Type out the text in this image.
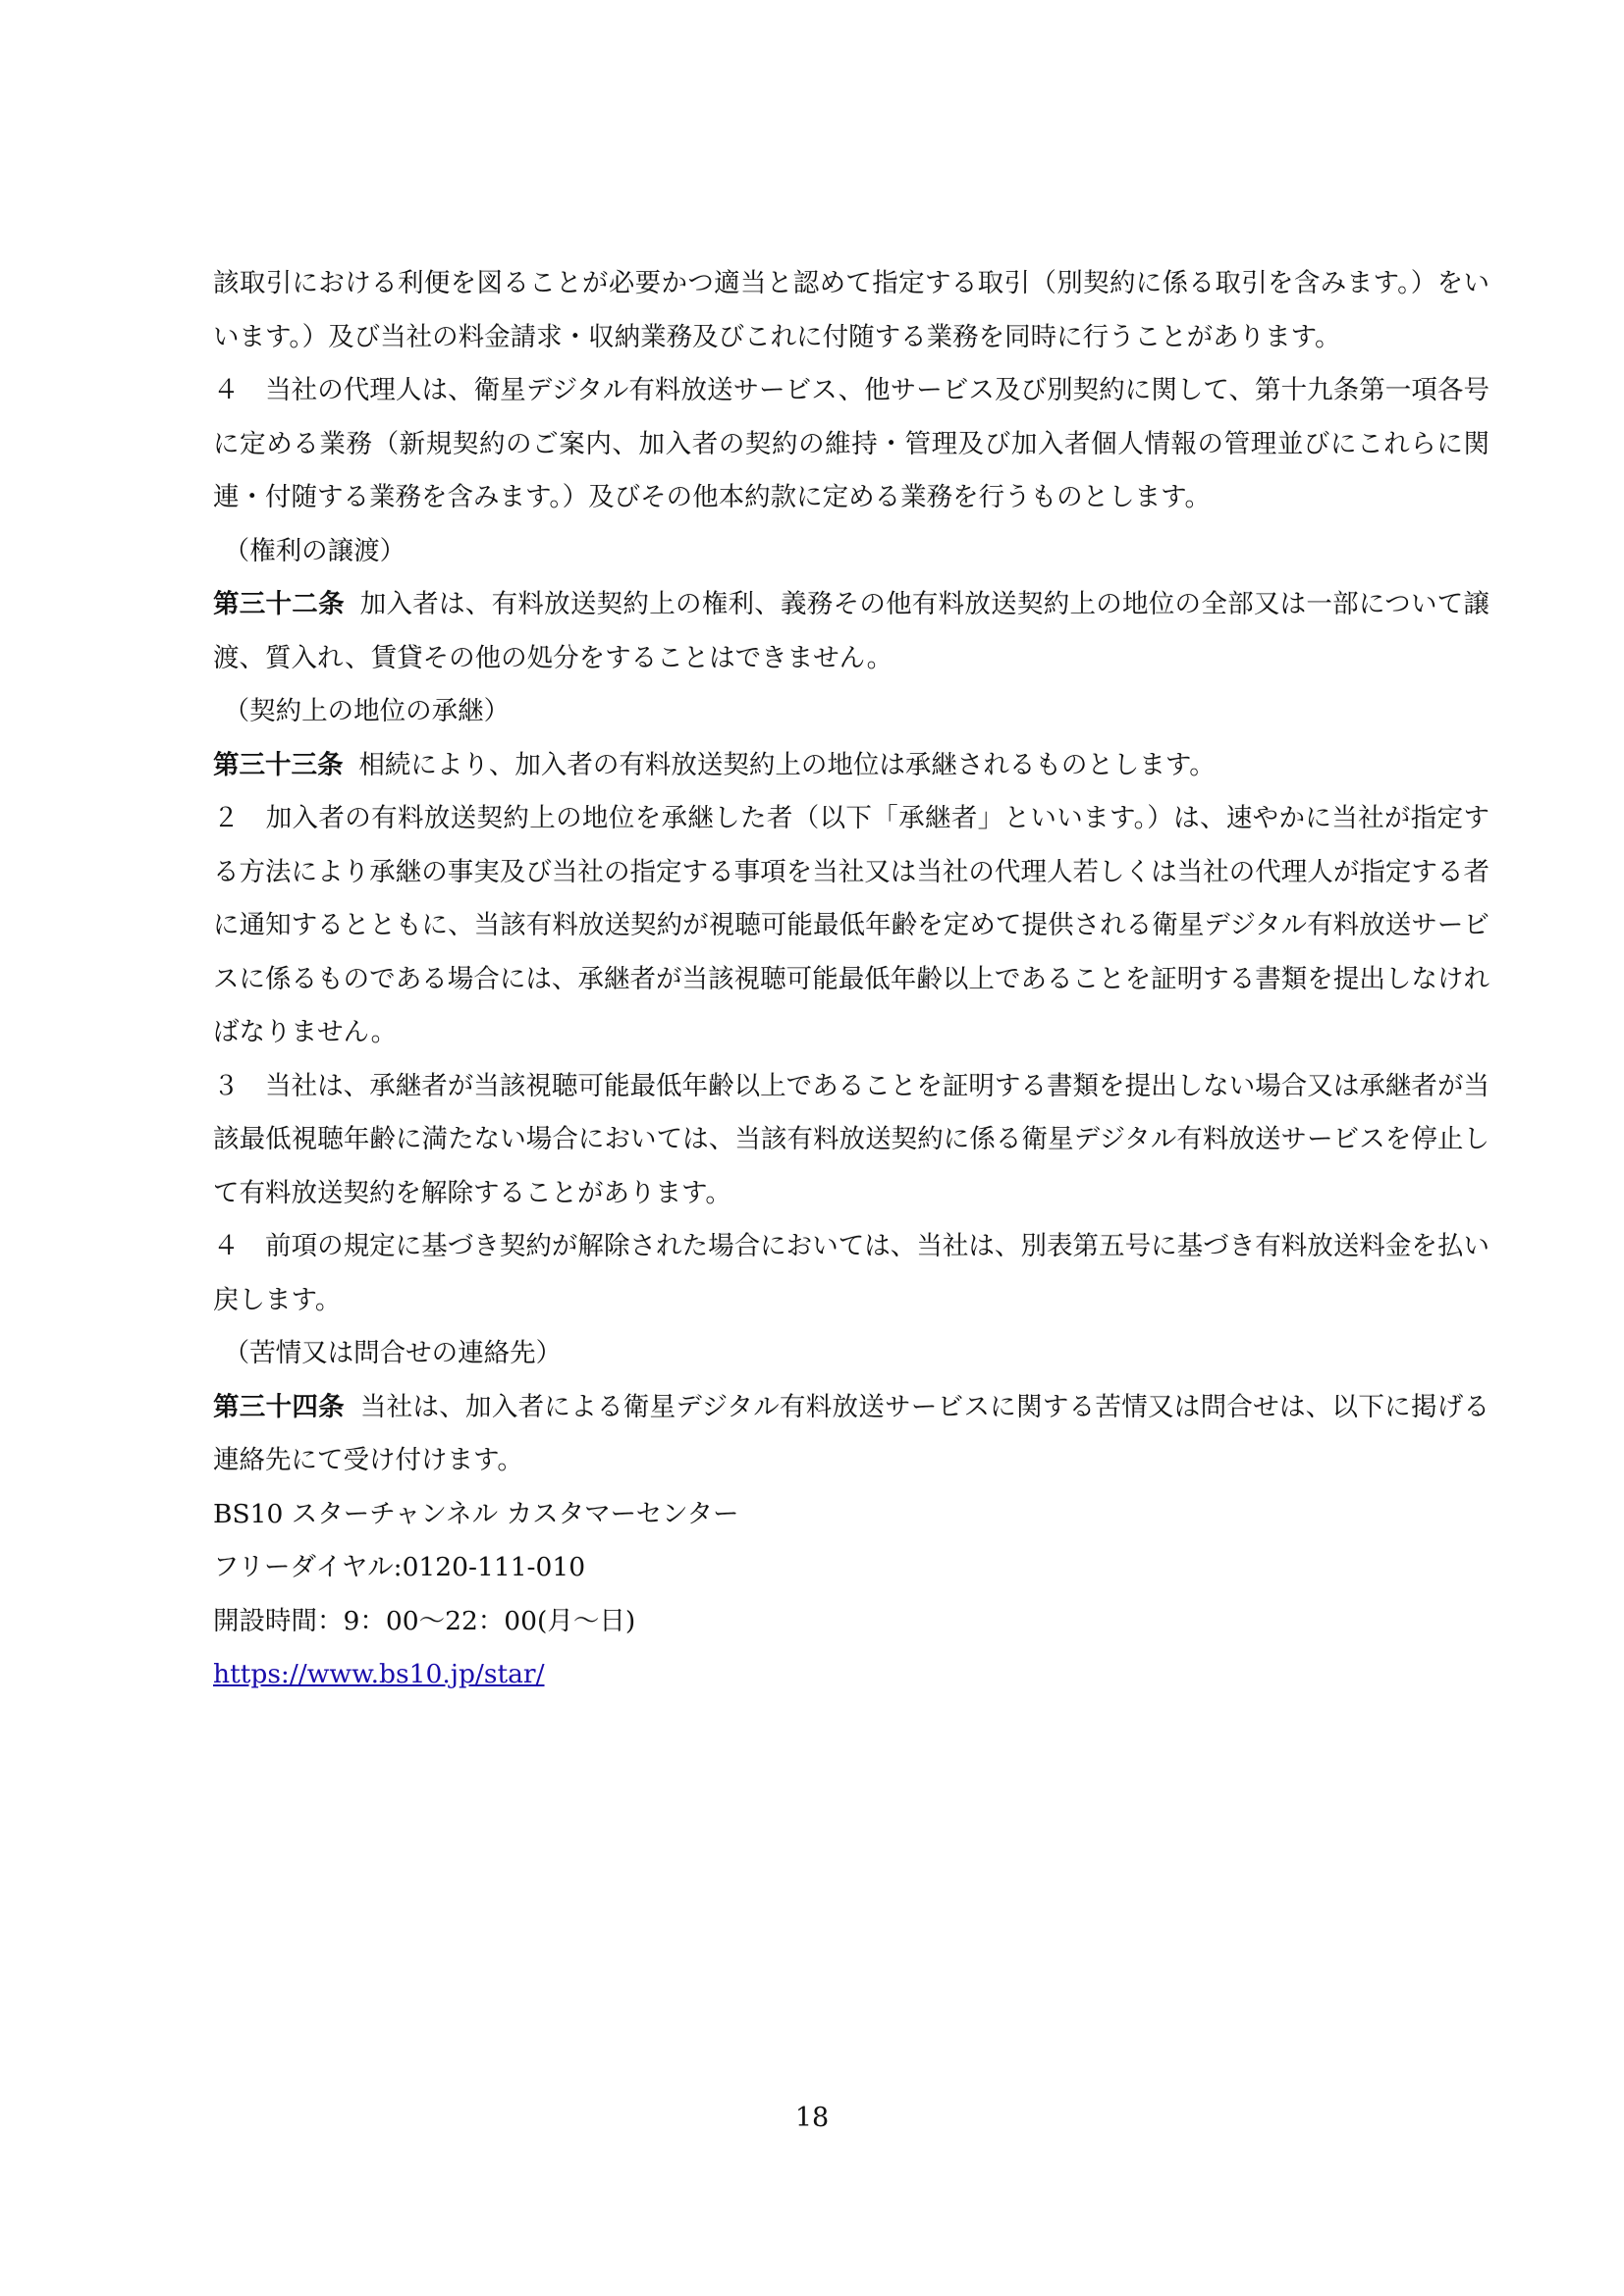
該取引における利便を図ることが必要かつ適当と認めて指定する取引（別契約に係る取引を含みます。）をいいます。）及び当社の料金請求・収納業務及びこれに付随する業務を同時に行うことがあります。

４　当社の代理人は、衛星デジタル有料放送サービス、他サービス及び別契約に関して、第十九条第一項各号に定める業務（新規契約のご案内、加入者の契約の維持・管理及び加入者個人情報の管理並びにこれらに関連・付随する業務を含みます。）及びその他本約款に定める業務を行うものとします。

（権利の譲渡）

第三十二条 加入者は、有料放送契約上の権利、義務その他有料放送契約上の地位の全部又は一部について譲渡、質入れ、賃貸その他の処分をすることはできません。

（契約上の地位の承継）

第三十三条 相続により、加入者の有料放送契約上の地位は承継されるものとします。

２　加入者の有料放送契約上の地位を承継した者（以下「承継者」といいます。）は、速やかに当社が指定する方法により承継の事実及び当社の指定する事項を当社又は当社の代理人若しくは当社の代理人が指定する者に通知するとともに、当該有料放送契約が視聴可能最低年齢を定めて提供される衛星デジタル有料放送サービスに係るものである場合には、承継者が当該視聴可能最低年齢以上であることを証明する書類を提出しなければなりません。

３　当社は、承継者が当該視聴可能最低年齢以上であることを証明する書類を提出しない場合又は承継者が当該最低視聴年齢に満たない場合においては、当該有料放送契約に係る衛星デジタル有料放送サービスを停止して有料放送契約を解除することがあります。

４　前項の規定に基づき契約が解除された場合においては、当社は、別表第五号に基づき有料放送料金を払い戻します。

（苦情又は問合せの連絡先）

第三十四条 当社は、加入者による衛星デジタル有料放送サービスに関する苦情又は問合せは、以下に掲げる連絡先にて受け付けます。

BS10 スターチャンネル カスタマーセンター

フリーダイヤル:0120-111-010

開設時間：9：00～22：00(月～日)

https://www.bs10.jp/star/

18
